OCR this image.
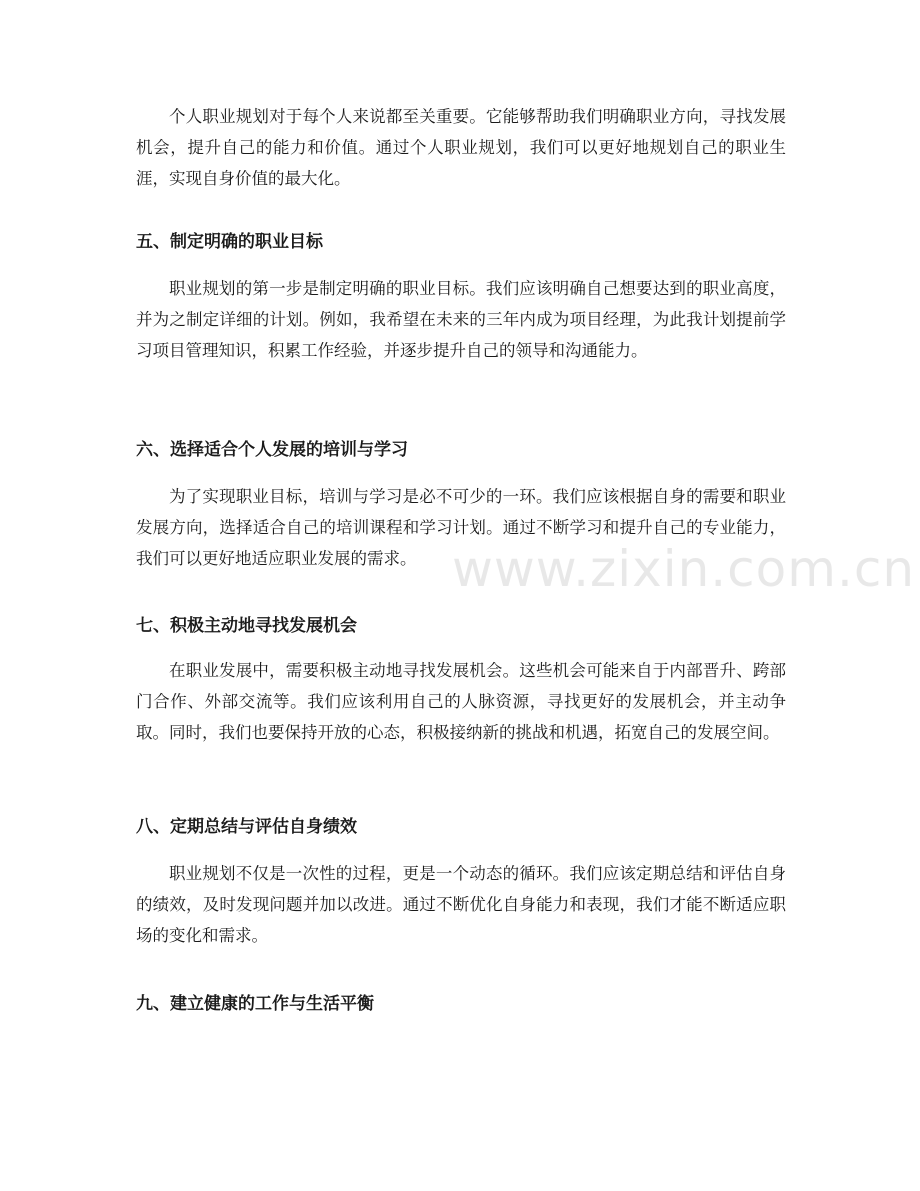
个人职业规划对于每个人来说都至关重要。它能够帮助我们明确职业方向，寻找发展机会，提升自己的能力和价值。通过个人职业规划，我们可以更好地规划自己的职业生涯，实现自身价值的最大化。

五、制定明确的职业目标

职业规划的第一步是制定明确的职业目标。我们应该明确自己想要达到的职业高度，并为之制定详细的计划。例如，我希望在未来的三年内成为项目经理，为此我计划提前学习项目管理知识，积累工作经验，并逐步提升自己的领导和沟通能力。

六、选择适合个人发展的培训与学习

为了实现职业目标，培训与学习是必不可少的一环。我们应该根据自身的需要和职业发展方向，选择适合自己的培训课程和学习计划。通过不断学习和提升自己的专业能力，我们可以更好地适应职业发展的需求。

七、积极主动地寻找发展机会

在职业发展中，需要积极主动地寻找发展机会。这些机会可能来自于内部晋升、跨部门合作、外部交流等。我们应该利用自己的人脉资源，寻找更好的发展机会，并主动争取。同时，我们也要保持开放的心态，积极接纳新的挑战和机遇，拓宽自己的发展空间。

八、定期总结与评估自身绩效

职业规划不仅是一次性的过程，更是一个动态的循环。我们应该定期总结和评估自身的绩效，及时发现问题并加以改进。通过不断优化自身能力和表现，我们才能不断适应职场的变化和需求。

九、建立健康的工作与生活平衡
www.zixin.com.cn
